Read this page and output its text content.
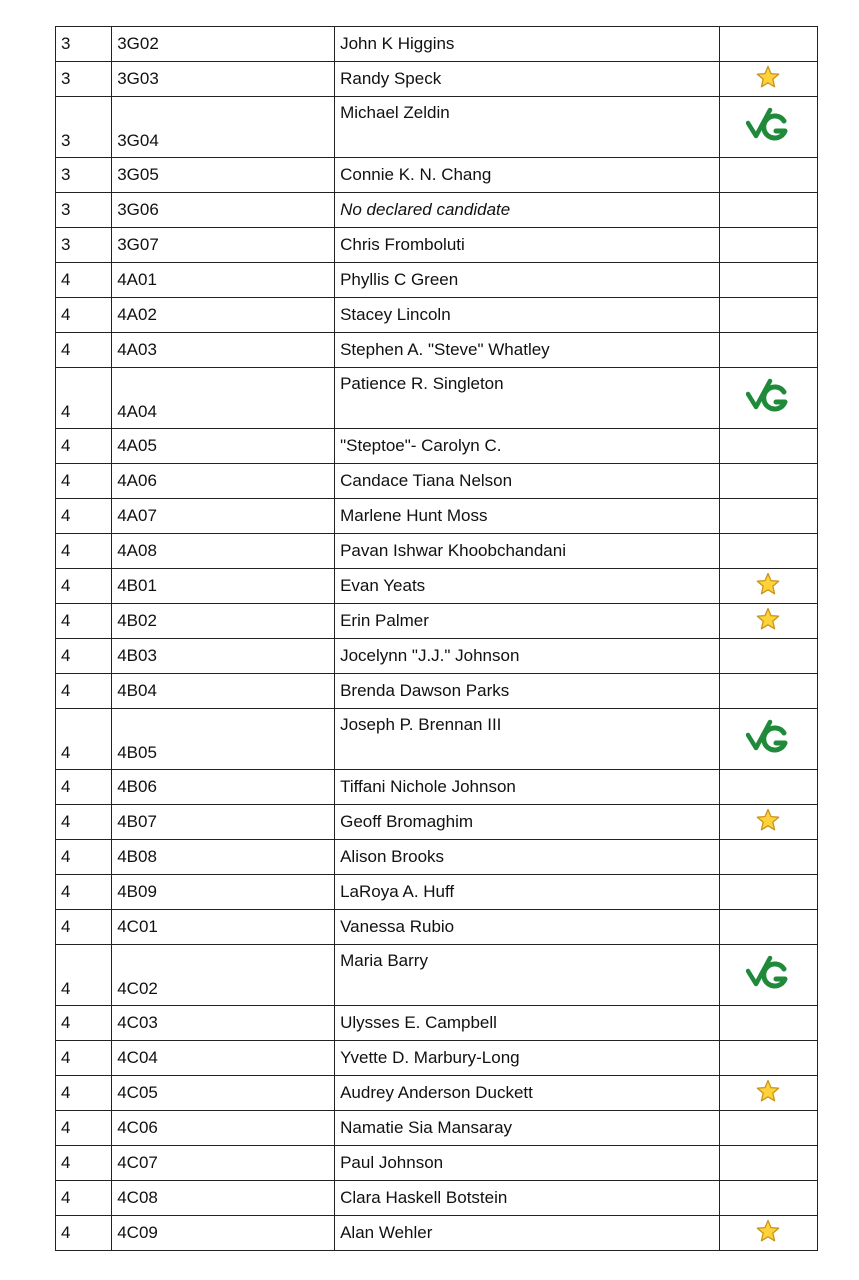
3	3G02	John K Higgins	
3	3G03	Randy Speck	
3	3G04	Michael Zeldin	
3	3G05	Connie K. N. Chang	
3	3G06	No declared candidate	
3	3G07	Chris Fromboluti	
4	4A01	Phyllis C Green	
4	4A02	Stacey Lincoln	
4	4A03	Stephen A. "Steve" Whatley	
4	4A04	Patience R. Singleton	
4	4A05	"Steptoe"- Carolyn C.	
4	4A06	Candace Tiana Nelson	
4	4A07	Marlene Hunt Moss	
4	4A08	Pavan Ishwar Khoobchandani	
4	4B01	Evan Yeats	
4	4B02	Erin Palmer	
4	4B03	Jocelynn "J.J." Johnson	
4	4B04	Brenda Dawson Parks	
4	4B05	Joseph P. Brennan III	
4	4B06	Tiffani Nichole Johnson	
4	4B07	Geoff Bromaghim	
4	4B08	Alison Brooks	
4	4B09	LaRoya A. Huff	
4	4C01	Vanessa Rubio	
4	4C02	Maria Barry	
4	4C03	Ulysses E. Campbell	
4	4C04	Yvette D. Marbury-Long	
4	4C05	Audrey Anderson Duckett	
4	4C06	Namatie Sia Mansaray	
4	4C07	Paul Johnson	
4	4C08	Clara Haskell Botstein	
4	4C09	Alan Wehler	
